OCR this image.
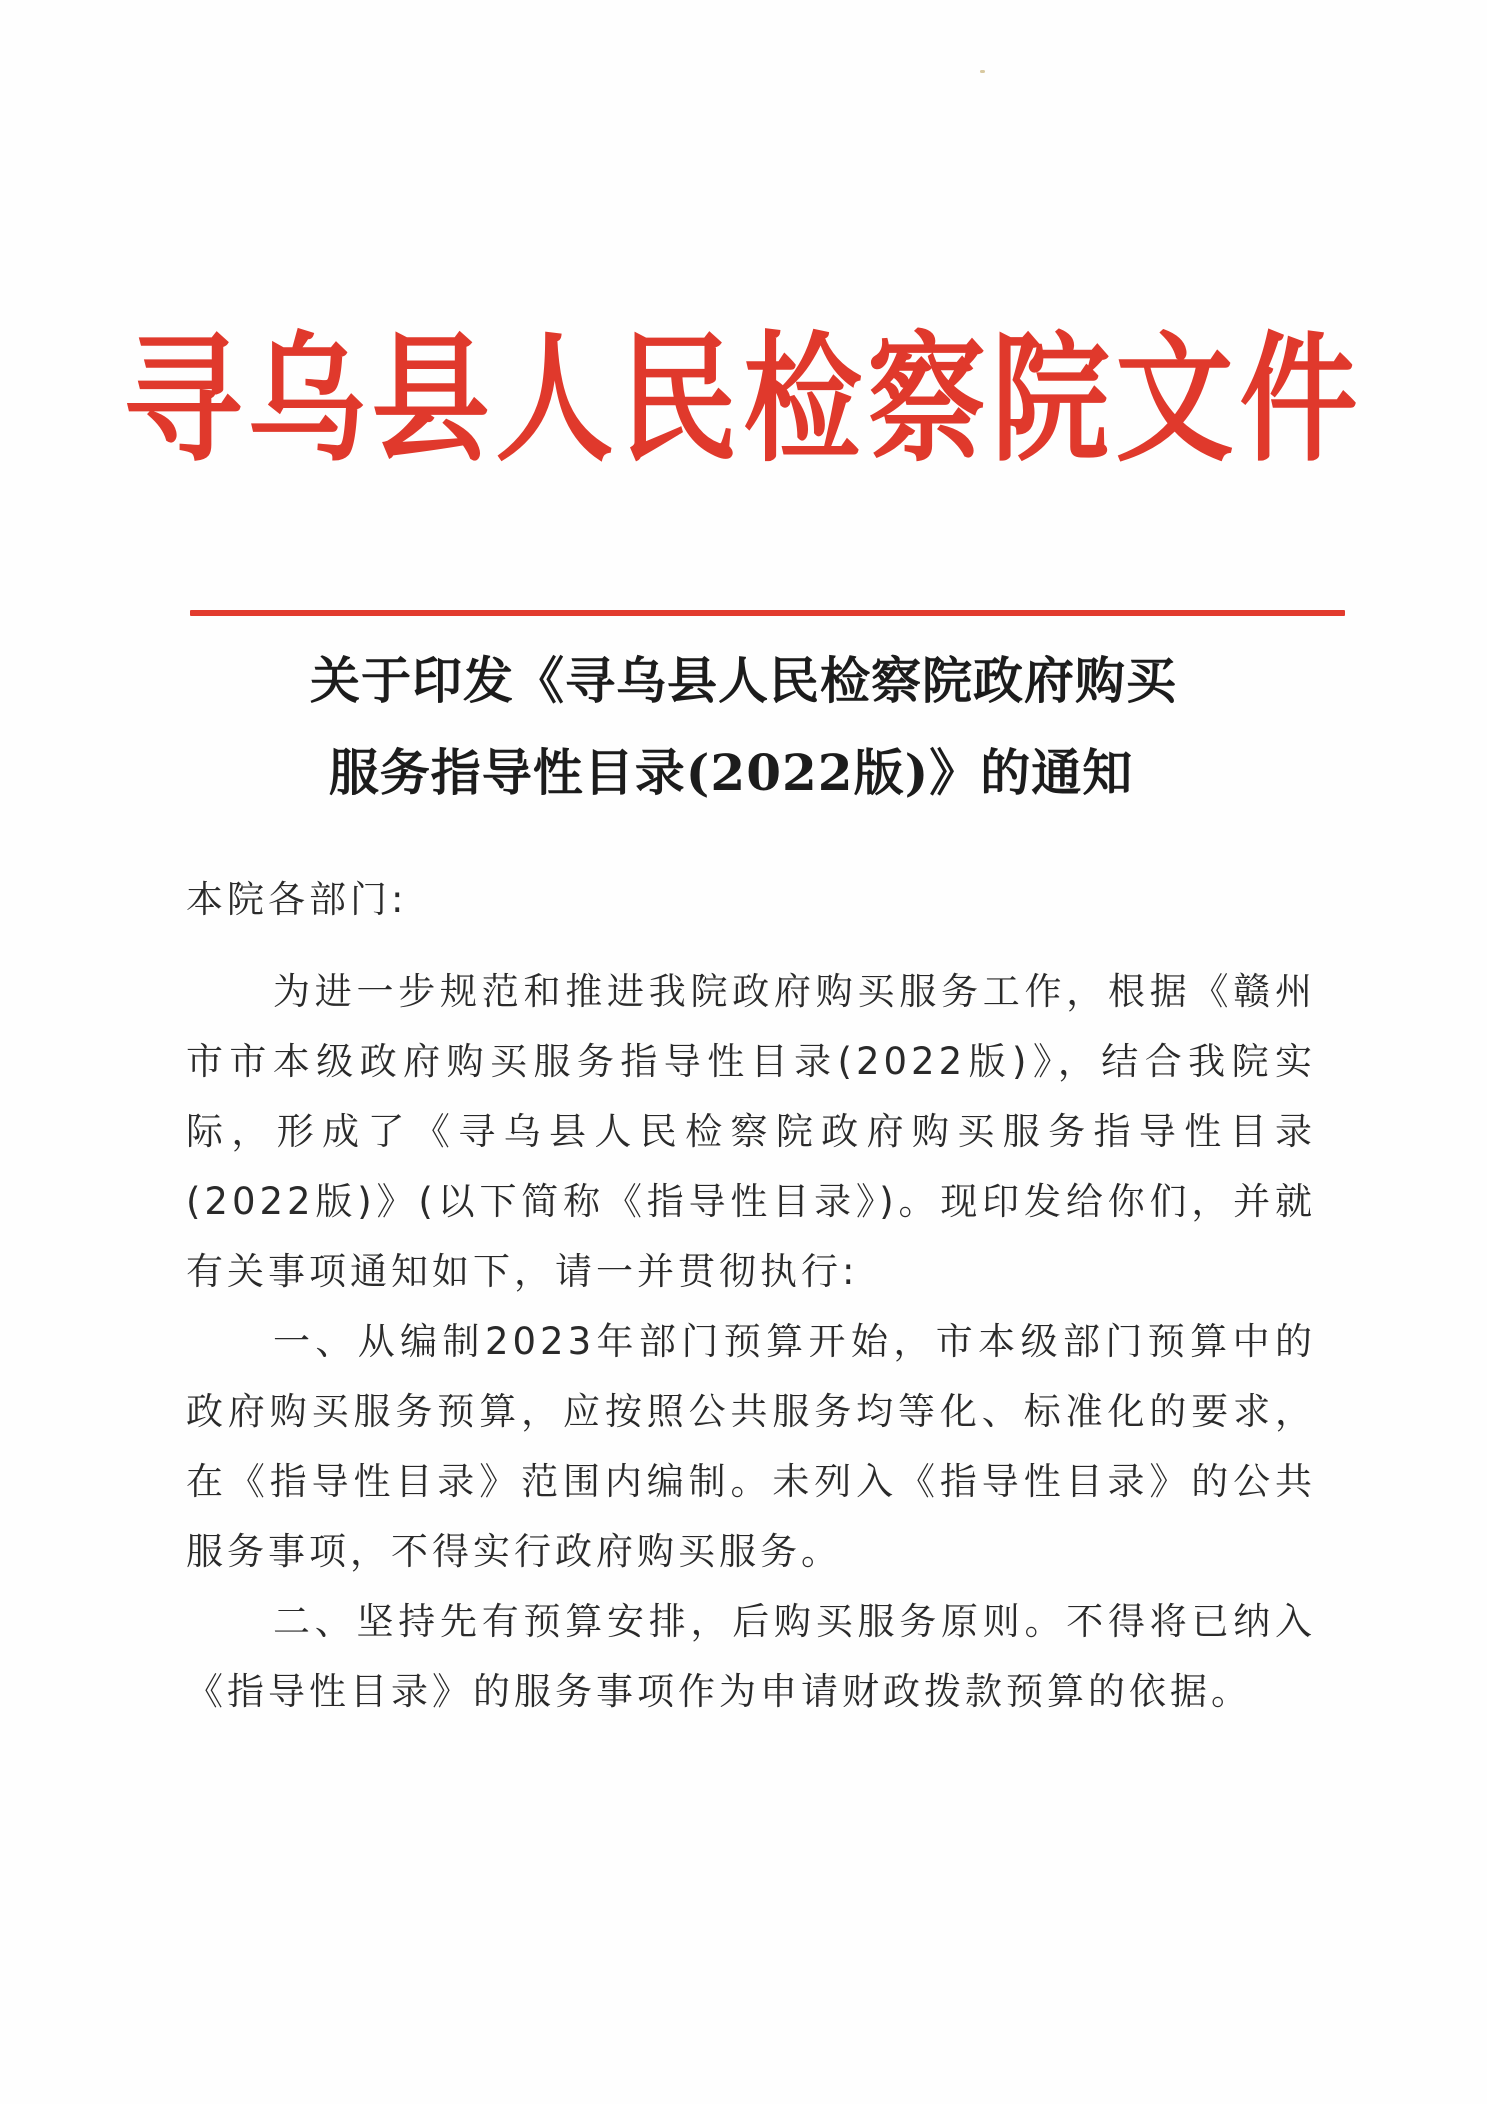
寻乌县人民检察院文件
关于印发《寻乌县人民检察院政府购买
服务指导性目录(2022版)》的通知
本院各部门:
为进一步规范和推进我院政府购买服务工作，根据《赣州市市本级政府购买服务指导性目录(2022版)》，结合我院实际，形成了《寻乌县人民检察院政府购买服务指导性目录(2022版)》(以下简称《指导性目录》)。现印发给你们，并就有关事项通知如下，请一并贯彻执行:
一、从编制2023年部门预算开始，市本级部门预算中的政府购买服务预算，应按照公共服务均等化、标准化的要求，在《指导性目录》范围内编制。未列入《指导性目录》的公共服务事项，不得实行政府购买服务。
二、坚持先有预算安排，后购买服务原则。不得将已纳入《指导性目录》的服务事项作为申请财政拨款预算的依据。
